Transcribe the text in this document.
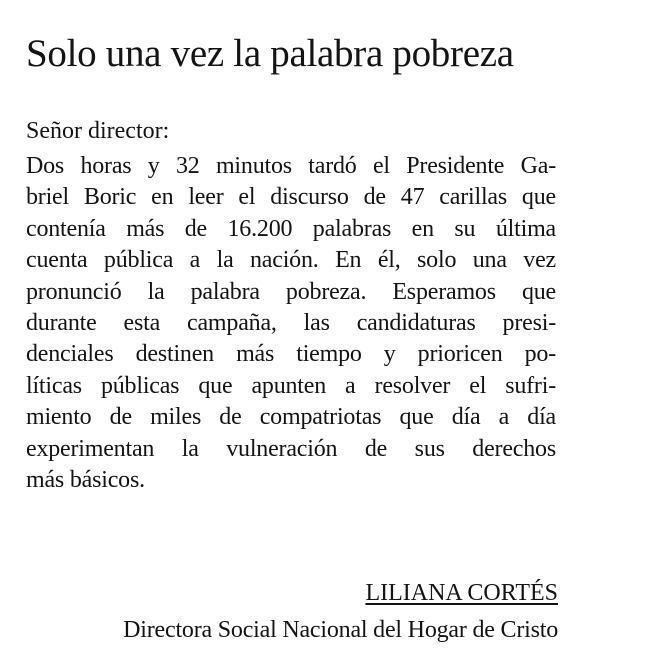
Solo una vez la palabra pobreza
Señor director:
Dos horas y 32 minutos tardó el Presidente Ga-
briel Boric en leer el discurso de 47 carillas que
contenía más de 16.200 palabras en su última
cuenta pública a la nación. En él, solo una vez
pronunció la palabra pobreza. Esperamos que
durante esta campaña, las candidaturas presi-
denciales destinen más tiempo y prioricen po-
líticas públicas que apunten a resolver el sufri-
miento de miles de compatriotas que día a día
experimentan la vulneración de sus derechos
más básicos.
LILIANA CORTÉS
Directora Social Nacional del Hogar de Cristo
